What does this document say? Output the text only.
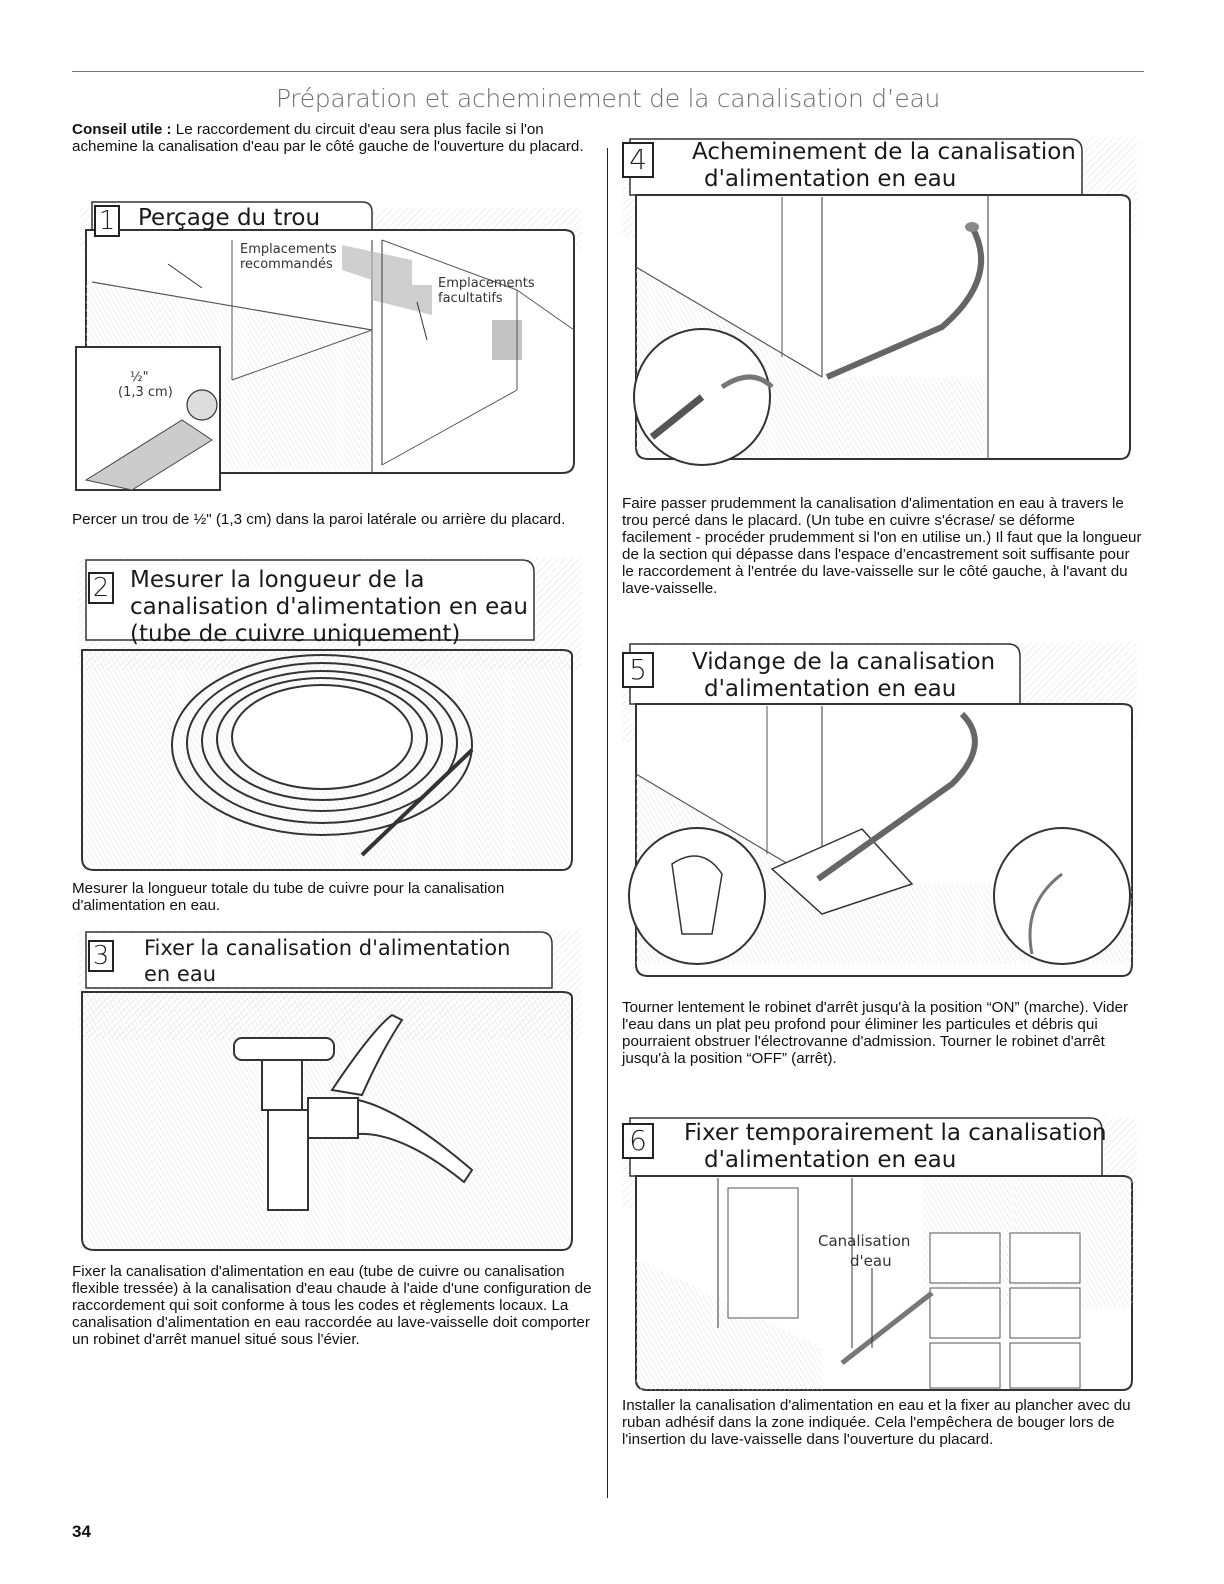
Préparation et acheminement de la canalisation d’eau
Conseil utile : Le raccordement du circuit d'eau sera plus facile si l'on achemine la canalisation d'eau par le côté gauche de l'ouverture du placard.
1 Perçage du trou
Emplacements recommandés
Emplacements facultatifs
½"
(1,3 cm)
Percer un trou de ½" (1,3 cm) dans la paroi latérale ou arrière du placard.
2 Mesurer la longueur de la
canalisation d'alimentation en eau
(tube de cuivre uniquement)
Mesurer la longueur totale du tube de cuivre pour la canalisation d'alimentation en eau.
3 Fixer la canalisation d'alimentation
en eau
Fixer la canalisation d'alimentation en eau (tube de cuivre ou canalisation flexible tressée) à la canalisation d'eau chaude à l'aide d'une configuration de raccordement qui soit conforme à tous les codes et règlements locaux. La canalisation d'alimentation en eau raccordée au lave-vaisselle doit comporter un robinet d'arrêt manuel situé sous l'évier.
4	Acheminement de la canalisation
d'alimentation en eau
Faire passer prudemment la canalisation d'alimentation en eau à travers le trou percé dans le placard. (Un tube en cuivre s'écrase/ se déforme facilement - procéder prudemment si l'on en utilise un.) Il faut que la longueur de la section qui dépasse dans l'espace d’encastrement soit suffisante pour le raccordement à l'entrée du lave-vaisselle sur le côté gauche, à l'avant du lave-vaisselle.
5	Vidange de la canalisation
d'alimentation en eau
Tourner lentement le robinet d'arrêt jusqu'à la position “ON” (marche). Vider l'eau dans un plat peu profond pour éliminer les particules et débris qui pourraient obstruer l'électrovanne d'admission. Tourner le robinet d'arrêt jusqu'à la position “OFF” (arrêt).
6	Fixer temporairement la canalisation
d'alimentation en eau
Canalisation
d'eau
Installer la canalisation d'alimentation en eau et la fixer au plancher avec du ruban adhésif dans la zone indiquée. Cela l'empêchera de bouger lors de l'insertion du lave-vaisselle dans l'ouverture du placard.
34
